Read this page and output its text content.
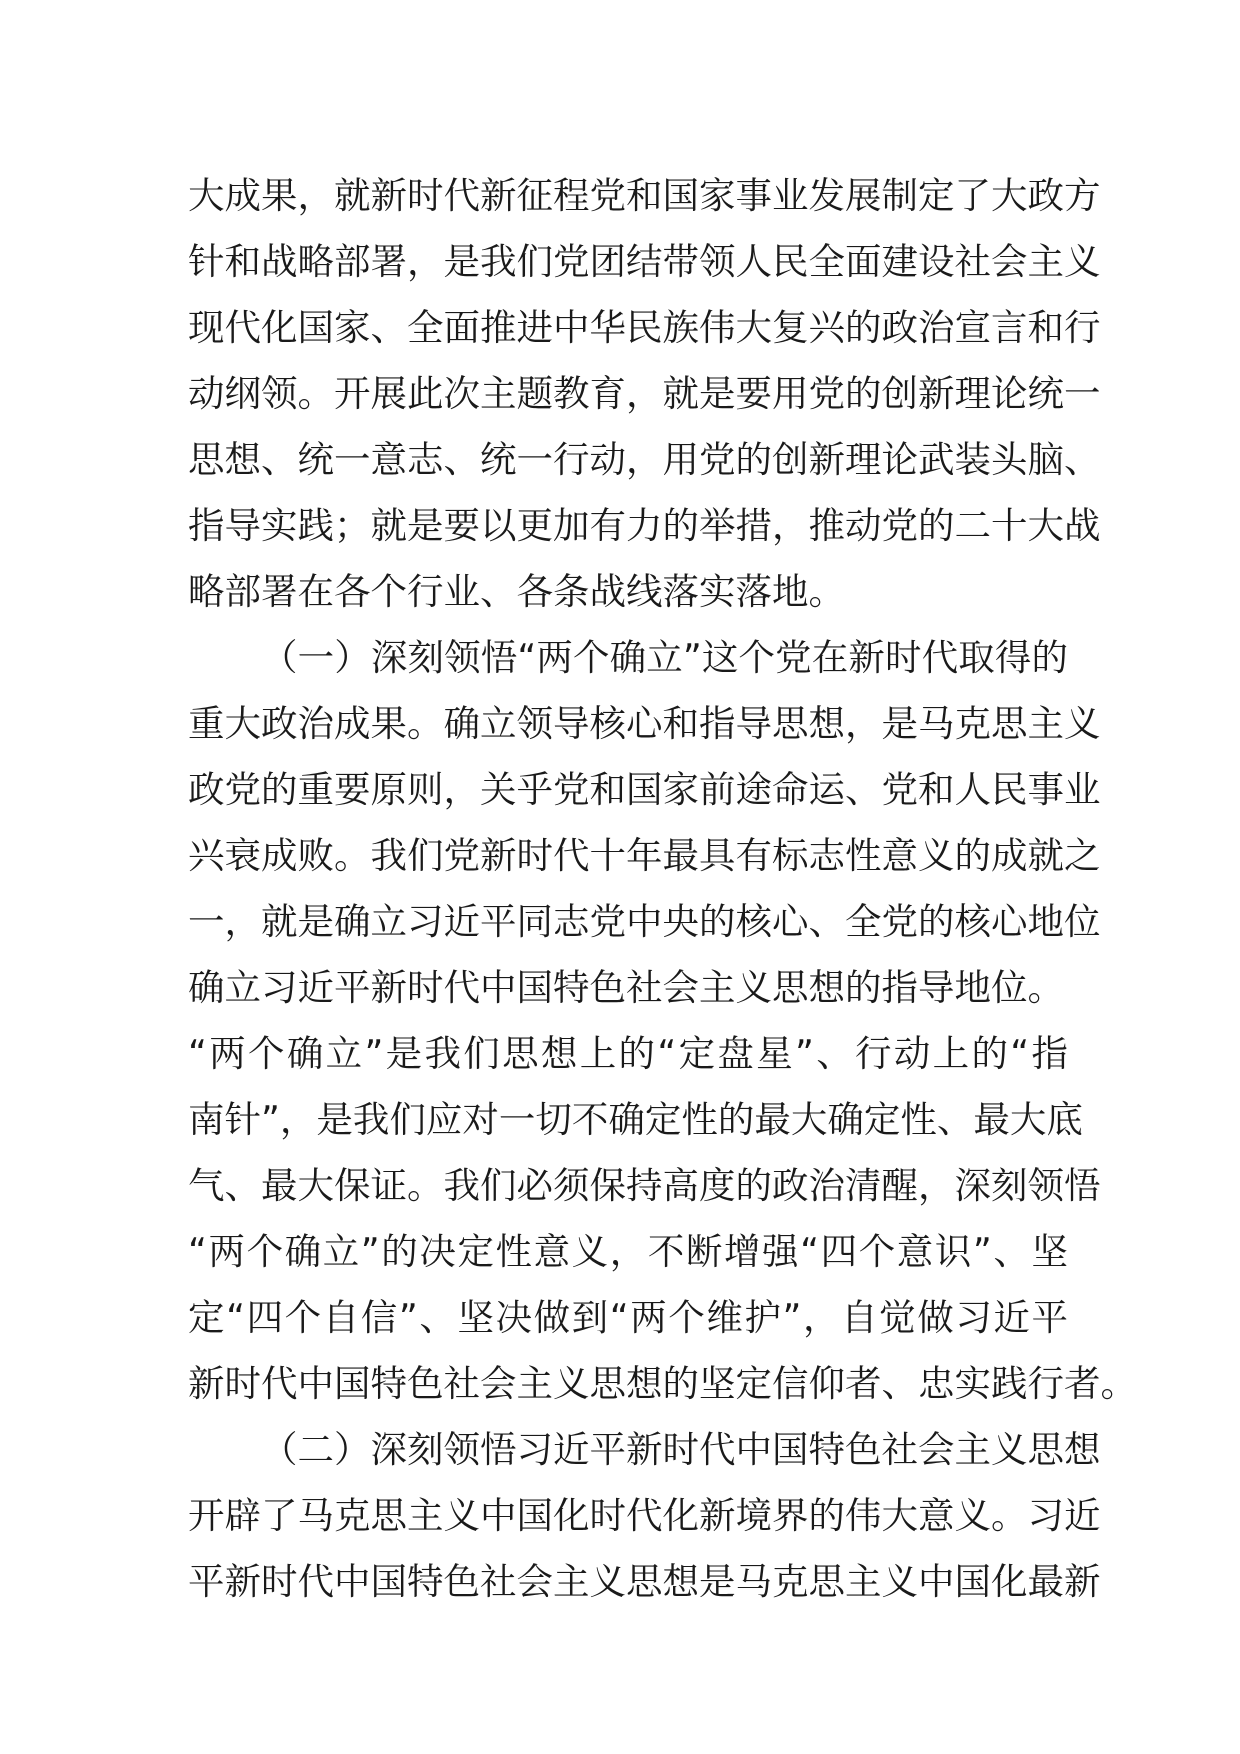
大成果，就新时代新征程党和国家事业发展制定了大政方
针和战略部署，是我们党团结带领人民全面建设社会主义
现代化国家、全面推进中华民族伟大复兴的政治宣言和行
动纲领。开展此次主题教育，就是要用党的创新理论统一
思想、统一意志、统一行动，用党的创新理论武装头脑、
指导实践；就是要以更加有力的举措，推动党的二十大战
略部署在各个行业、各条战线落实落地。
（一）深刻领悟“两个确立”这个党在新时代取得的
重大政治成果。确立领导核心和指导思想，是马克思主义
政党的重要原则，关乎党和国家前途命运、党和人民事业
兴衰成败。我们党新时代十年最具有标志性意义的成就之
一，就是确立习近平同志党中央的核心、全党的核心地位
确立习近平新时代中国特色社会主义思想的指导地位。
“两个确立”是我们思想上的“定盘星”、行动上的“指
南针”，是我们应对一切不确定性的最大确定性、最大底
气、最大保证。我们必须保持高度的政治清醒，深刻领悟
“两个确立”的决定性意义，不断增强“四个意识”、坚
定“四个自信”、坚决做到“两个维护”，自觉做习近平
新时代中国特色社会主义思想的坚定信仰者、忠实践行者。
（二）深刻领悟习近平新时代中国特色社会主义思想
开辟了马克思主义中国化时代化新境界的伟大意义。习近
平新时代中国特色社会主义思想是马克思主义中国化最新
